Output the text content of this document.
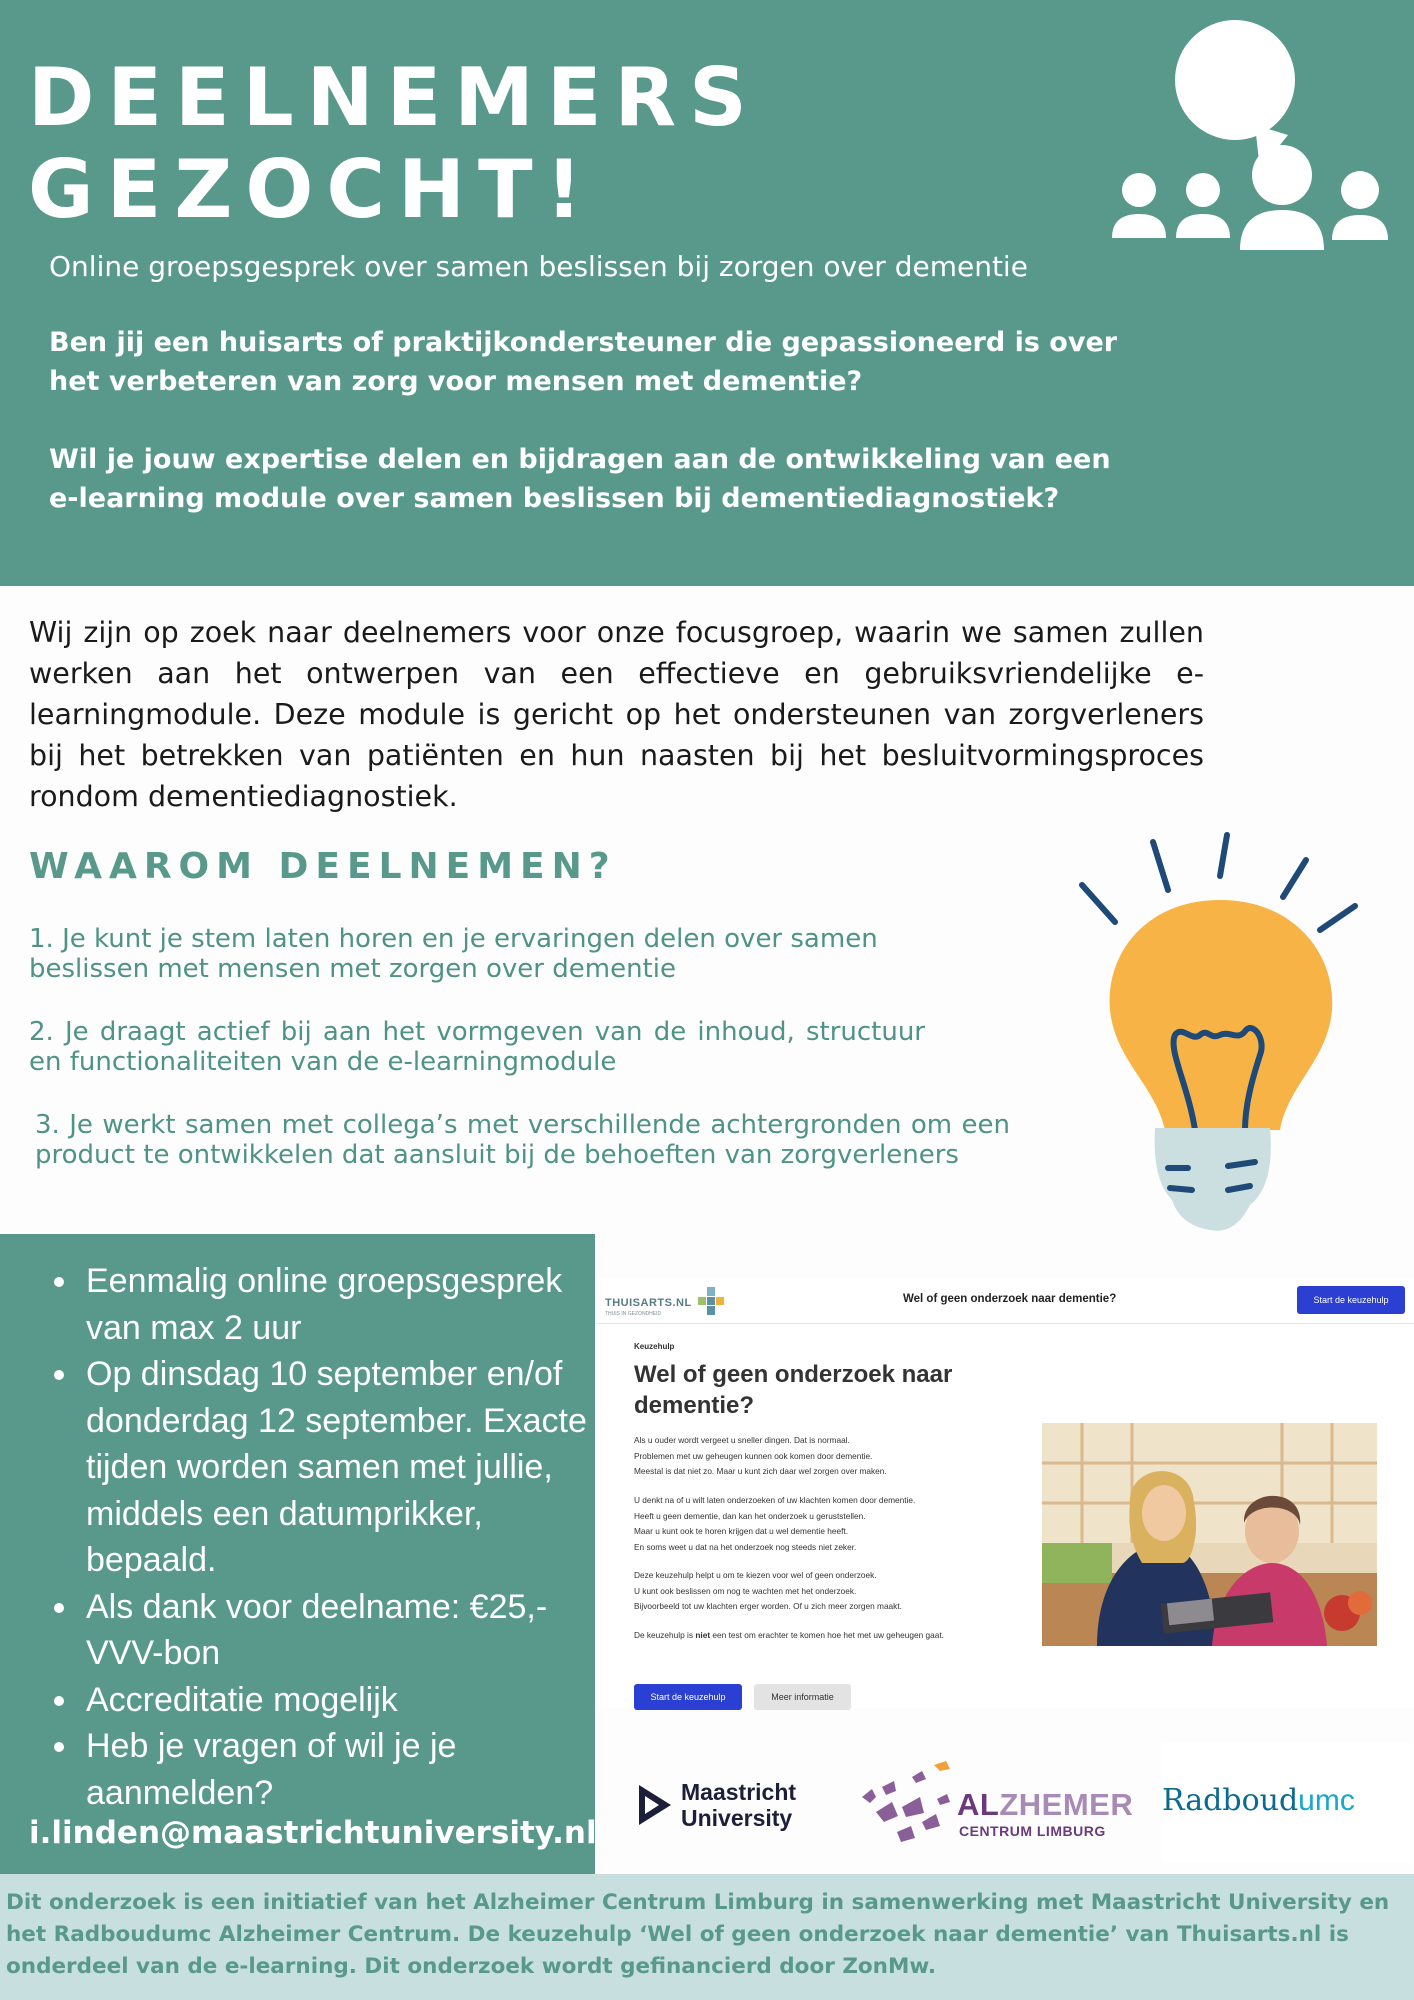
DEELNEMERS
GEZOCHT!

Online groepsgesprek over samen beslissen bij zorgen over dementie

Ben jij een huisarts of praktijkondersteuner die gepassioneerd is over het verbeteren van zorg voor mensen met dementie?

Wil je jouw expertise delen en bijdragen aan de ontwikkeling van een e-learning module over samen beslissen bij dementiediagnostiek?

Wij zijn op zoek naar deelnemers voor onze focusgroep, waarin we samen zullen werken aan het ontwerpen van een effectieve en gebruiksvriendelijke e-learningmodule. Deze module is gericht op het ondersteunen van zorgverleners bij het betrekken van patiënten en hun naasten bij het besluitvormingsproces rondom dementiediagnostiek.

WAAROM DEELNEMEN?

1. Je kunt je stem laten horen en je ervaringen delen over samen beslissen met mensen met zorgen over dementie

2. Je draagt actief bij aan het vormgeven van de inhoud, structuur en functionaliteiten van de e-learningmodule

3. Je werkt samen met collega’s met verschillende achtergronden om een product te ontwikkelen dat aansluit bij de behoeften van zorgverleners

Eenmalig online groepsgesprek van max 2 uur
Op dinsdag 10 september en/of donderdag 12 september. Exacte tijden worden samen met jullie, middels een datumprikker, bepaald.
Als dank voor deelname: €25,- VVV-bon
Accreditatie mogelijk
Heb je vragen of wil je je aanmelden?
i.linden@maastrichtuniversity.nl
THUISARTS.NL
THUIS IN GEZONDHEID
Wel of geen onderzoek naar dementie?	Start de keuzehulp
Keuzehulp
Wel of geen onderzoek naar dementie?
Als u ouder wordt vergeet u sneller dingen. Dat is normaal.
Problemen met uw geheugen kunnen ook komen door dementie.
Meestal is dat niet zo. Maar u kunt zich daar wel zorgen over maken.
U denkt na of u wilt laten onderzoeken of uw klachten komen door dementie.
Heeft u geen dementie, dan kan het onderzoek u geruststellen.
Maar u kunt ook te horen krijgen dat u wel dementie heeft.
En soms weet u dat na het onderzoek nog steeds niet zeker.
Deze keuzehulp helpt u om te kiezen voor wel of geen onderzoek.
U kunt ook beslissen om nog te wachten met het onderzoek.
Bijvoorbeeld tot uw klachten erger worden. Of u zich meer zorgen maakt.
De keuzehulp is niet een test om erachter te komen hoe het met uw geheugen gaat.
Start de keuzehulp	Meer informatie
Maastricht
University	ALZHEMER
CENTRUM LIMBURG
Radboudumc

Dit onderzoek is een initiatief van het Alzheimer Centrum Limburg in samenwerking met Maastricht University en het Radboudumc Alzheimer Centrum. De keuzehulp ‘Wel of geen onderzoek naar dementie’ van Thuisarts.nl is onderdeel van de e-learning. Dit onderzoek wordt gefinancierd door ZonMw.
